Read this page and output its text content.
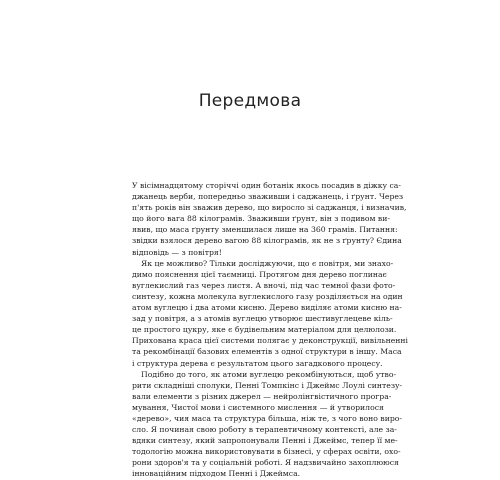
Передмова

У вісімнадцятому сторіччі один ботанік якось посадив в діжку са-
джанець верби, попередньо зваживши і саджанець, і ґрунт. Через
п'ять років він зважив дерево, що виросло зі саджанця, і визначив,
що його вага 88 кілограмів. Зваживши ґрунт, він з подивом ви-
явив, що маса ґрунту зменшилася лише на 360 грамів. Питання:
звідки взялося дерево вагою 88 кілограмів, як не з ґрунту? Єдина
відповідь — з повітря!

Як це можливо? Тільки досліджуючи, що є повітря, ми знахо-
димо пояснення цієї таємниці. Протягом дня дерево поглинає
вуглекислий газ через листя. А вночі, під час темної фази фото-
синтезу, кожна молекула вуглекислого газу розділяється на один
атом вуглецю і два атоми кисню. Дерево виділяє атоми кисню на-
зад у повітря, а з атомів вуглецю утворює шестивуглецеве кіль-
це простого цукру, яке є будівельним матеріалом для целюлози.
Прихована краса цієї системи полягає у деконструкції, вивільненні
та рекомбінації базових елементів з одної структури в іншу. Маса
і структура дерева є результатом цього загадкового процесу.

Подібно до того, як атоми вуглецю рекомбінуються, щоб утво-
рити складніші сполуки, Пенні Томпкінс і Джеймс Лоулі синтезу-
вали елементи з різних джерел — нейролінгвістичного програ-
мування, Чистої мови і системного мислення — й утворилося
«дерево», чия маса та структура більша, ніж те, з чого воно виро-
сло. Я починая свою роботу в терапевтичному контексті, але за-
вдяки синтезу, який запропонували Пенні і Джеймс, тепер її ме-
тодологію можна використовувати в бізнесі, у сферах освіти, охо-
рони здоров'я та у соціальній роботі. Я надзвичайно захоплююся
інноваційним підходом Пенні і Джеймса.
